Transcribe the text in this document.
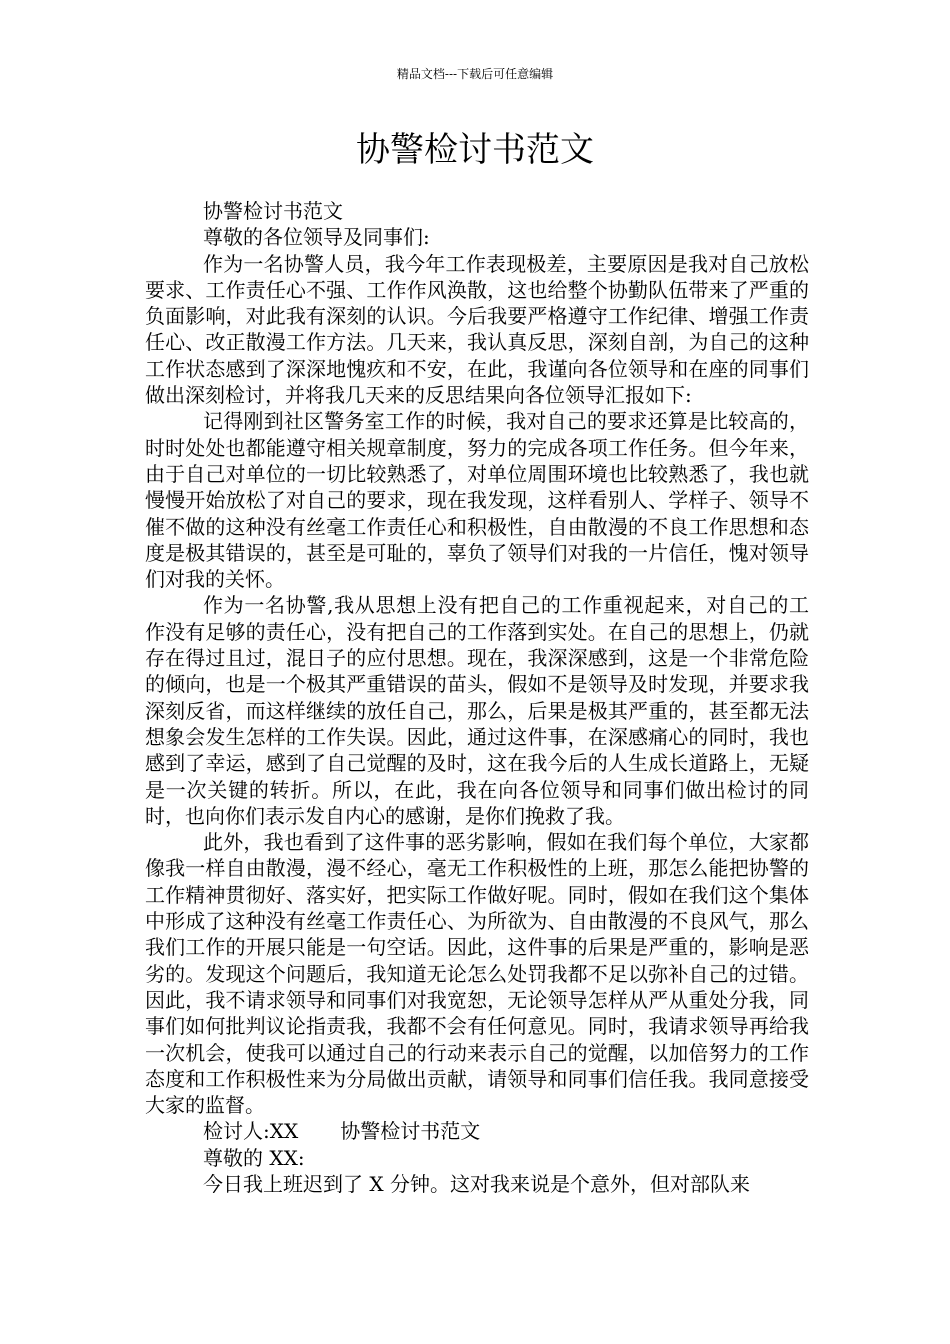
精品文档---下载后可任意编辑
协警检讨书范文

协警检讨书范文

尊敬的各位领导及同事们:

作为一名协警人员，我今年工作表现极差，主要原因是我对自己放松要求、工作责任心不强、工作作风涣散，这也给整个协勤队伍带来了严重的负面影响，对此我有深刻的认识。今后我要严格遵守工作纪律、增强工作责任心、改正散漫工作方法。几天来，我认真反思，深刻自剖，为自己的这种工作状态感到了深深地愧疚和不安，在此，我谨向各位领导和在座的同事们做出深刻检讨，并将我几天来的反思结果向各位领导汇报如下:

记得刚到社区警务室工作的时候，我对自己的要求还算是比较高的，时时处处也都能遵守相关规章制度，努力的完成各项工作任务。但今年来，由于自己对单位的一切比较熟悉了，对单位周围环境也比较熟悉了，我也就慢慢开始放松了对自己的要求，现在我发现，这样看别人、学样子、领导不催不做的这种没有丝毫工作责任心和积极性，自由散漫的不良工作思想和态度是极其错误的，甚至是可耻的，辜负了领导们对我的一片信任，愧对领导们对我的关怀。

作为一名协警,我从思想上没有把自己的工作重视起来，对自己的工作没有足够的责任心，没有把自己的工作落到实处。在自己的思想上，仍就存在得过且过，混日子的应付思想。现在，我深深感到，这是一个非常危险的倾向，也是一个极其严重错误的苗头，假如不是领导及时发现，并要求我深刻反省，而这样继续的放任自己，那么，后果是极其严重的，甚至都无法想象会发生怎样的工作失误。因此，通过这件事，在深感痛心的同时，我也感到了幸运，感到了自己觉醒的及时，这在我今后的人生成长道路上，无疑是一次关键的转折。所以，在此，我在向各位领导和同事们做出检讨的同时，也向你们表示发自内心的感谢，是你们挽救了我。

此外，我也看到了这件事的恶劣影响，假如在我们每个单位，大家都像我一样自由散漫，漫不经心，毫无工作积极性的上班，那怎么能把协警的工作精神贯彻好、落实好，把实际工作做好呢。同时，假如在我们这个集体中形成了这种没有丝毫工作责任心、为所欲为、自由散漫的不良风气，那么我们工作的开展只能是一句空话。因此，这件事的后果是严重的，影响是恶劣的。发现这个问题后，我知道无论怎么处罚我都不足以弥补自己的过错。因此，我不请求领导和同事们对我宽恕，无论领导怎样从严从重处分我，同事们如何批判议论指责我，我都不会有任何意见。同时，我请求领导再给我一次机会，使我可以通过自己的行动来表示自己的觉醒，以加倍努力的工作态度和工作积极性来为分局做出贡献，请领导和同事们信任我。我同意接受大家的监督。

检讨人:XX 协警检讨书范文

尊敬的 XX:

今日我上班迟到了 X 分钟。这对我来说是个意外，但对部队来
